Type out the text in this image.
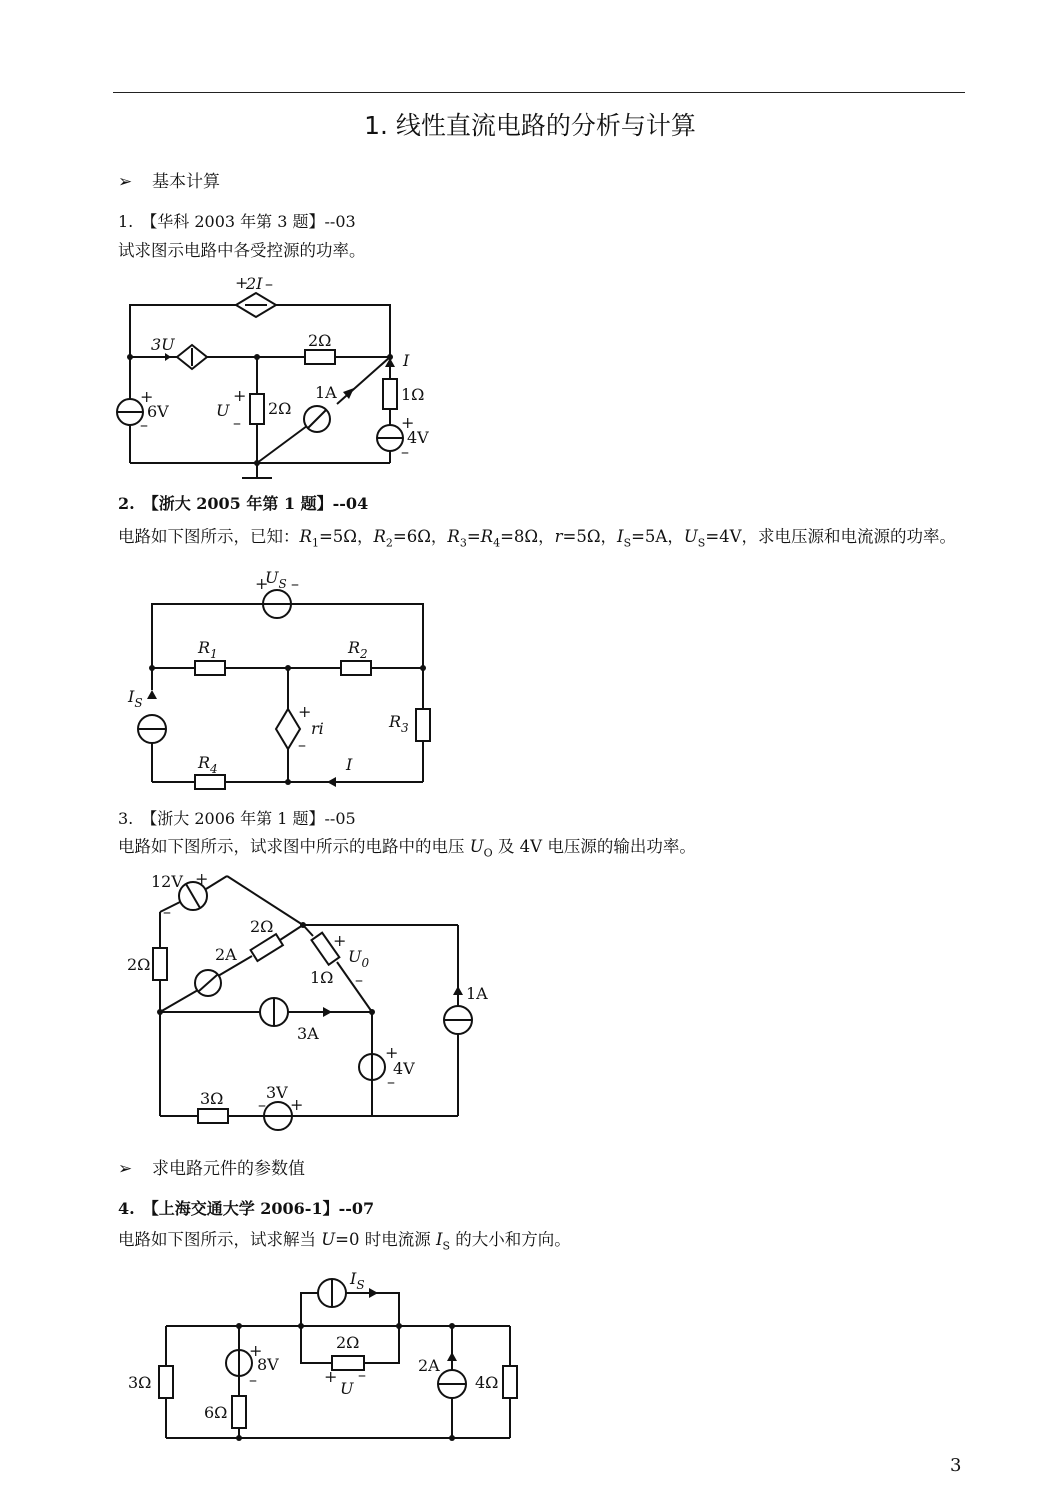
1. 线性直流电路的分析与计算
➢ 基本计算
1.　【华科 2003 年第 3 题】--03
试求图示电路中各受控源的功率。
+
2I –
3U	2Ω
I
1A	1Ω
2Ω
+
U
–
+
6V
–	+
4V
–
2.　【浙大 2005 年第 1 题】--04
电路如下图所示，已知：$R_1=5\Omega$，$R_2=6\Omega$，$R_3=R_4=8\Omega$，r=5Ω，$I_S=5A$，$U_S=4V$，求电压源和电流源的功率。
+
$U_S$ –
$R_1$	$R_2$
$R_3$
$R_4$
$I_S$	+
ri
–
I
3.　【浙大 2006 年第 1 题】--05
电路如下图所示，试求图中所示的电路中的电压 $U_O$ 及 4V 电压源的输出功率。
12V +
–
2Ω
2Ω
2A
+
$U_0$
1Ω –
1A
3A
+
4V
–
3Ω	3V
– +
➢ 求电路元件的参数值
4.　【上海交通大学 2006-1】--07
电路如下图所示，试求解当 U=0 时电流源 $I_S$ 的大小和方向。
$I_S$
3Ω
+
8V
–
6Ω
2Ω
+
U
–	2A
4Ω
3
